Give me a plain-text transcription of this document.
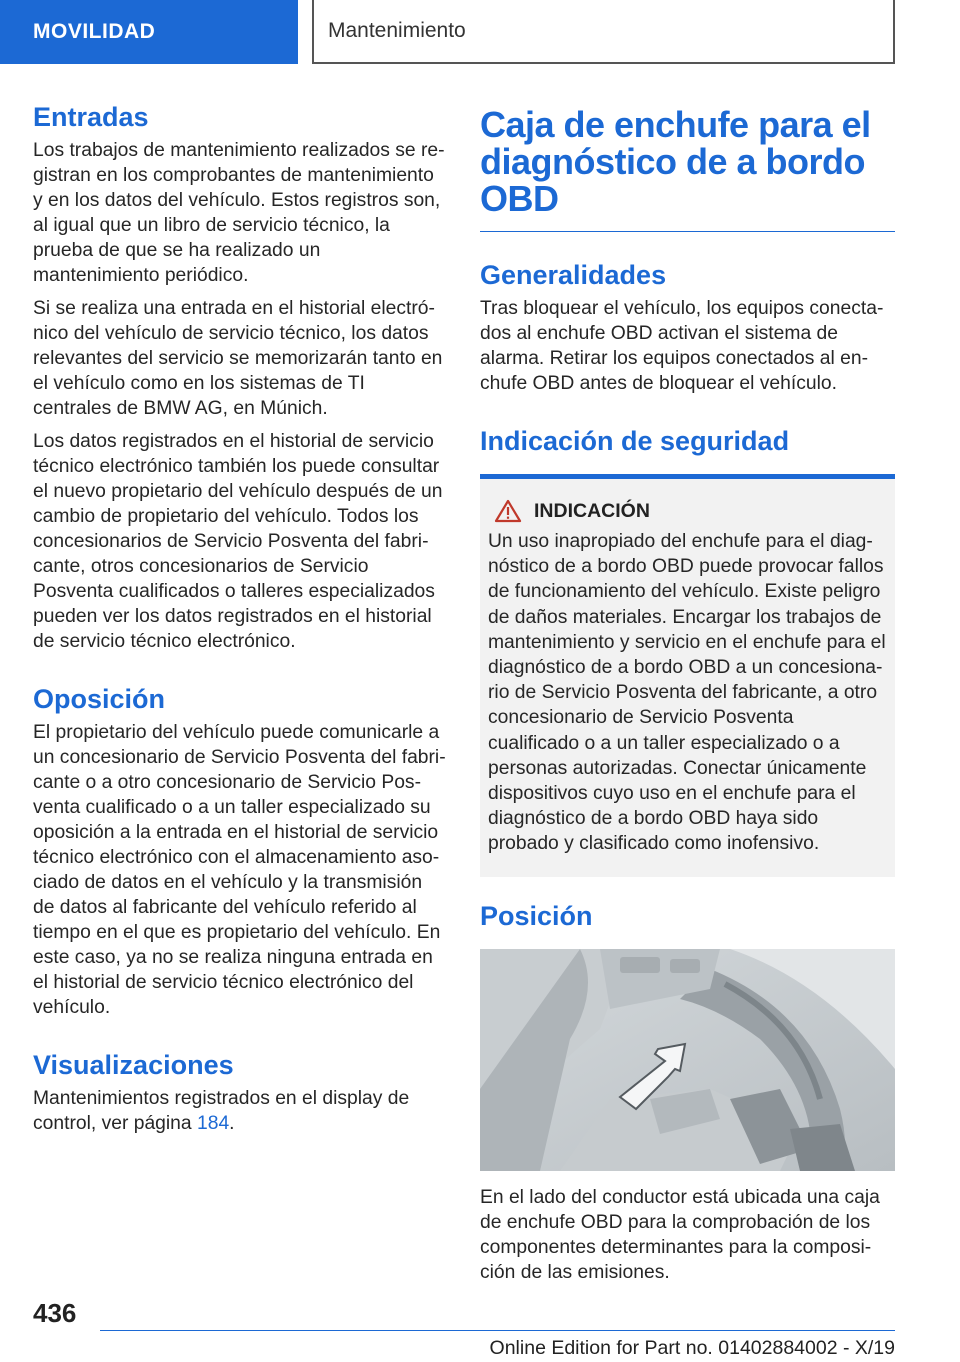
MOVILIDAD	Mantenimiento
Entradas

Los trabajos de mantenimiento realizados se registran en los comprobantes de mantenimiento y en los datos del vehículo. Estos registros son, al igual que un libro de servicio técnico, la prueba de que se ha realizado un mantenimiento periódico.

Si se realiza una entrada en el historial electrónico del vehículo de servicio técnico, los datos relevantes del servicio se memorizarán tanto en el vehículo como en los sistemas de TI centrales de BMW AG, en Múnich.

Los datos registrados en el historial de servicio técnico electrónico también los puede consultar el nuevo propietario del vehículo después de un cambio de propietario del vehículo. Todos los concesionarios de Servicio Posventa del fabricante, otros concesionarios de Servicio Posventa cualificados o talleres especializados pueden ver los datos registrados en el historial de servicio técnico electrónico.

Oposición

El propietario del vehículo puede comunicarle a un concesionario de Servicio Posventa del fabricante o a otro concesionario de Servicio Posventa cualificado o a un taller especializado su oposición a la entrada en el historial de servicio técnico electrónico con el almacenamiento asociado de datos en el vehículo y la transmisión de datos al fabricante del vehículo referido al tiempo en el que es propietario del vehículo. En este caso, ya no se realiza ninguna entrada en el historial de servicio técnico electrónico del vehículo.

Visualizaciones

Mantenimientos registrados en el display de control, ver página 184.

Caja de enchufe para el diagnóstico de a bordo OBD
Generalidades

Tras bloquear el vehículo, los equipos conectados al enchufe OBD activan el sistema de alarma. Retirar los equipos conectados al enchufe OBD antes de bloquear el vehículo.

Indicación de seguridad
INDICACIÓN

Un uso inapropiado del enchufe para el diagnóstico de a bordo OBD puede provocar fallos de funcionamiento del vehículo. Existe peligro de daños materiales. Encargar los trabajos de mantenimiento y servicio en el enchufe para el diagnóstico de a bordo OBD a un concesionario de Servicio Posventa del fabricante, a otro concesionario de Servicio Posventa cualificado o a un taller especializado o a personas autorizadas. Conectar únicamente dispositivos cuyo uso en el enchufe para el diagnóstico de a bordo OBD haya sido probado y clasificado como inofensivo.

Posición

En el lado del conductor está ubicada una caja de enchufe OBD para la comprobación de los componentes determinantes para la composición de las emisiones.

436
Online Edition for Part no. 01402884002 - X/19
